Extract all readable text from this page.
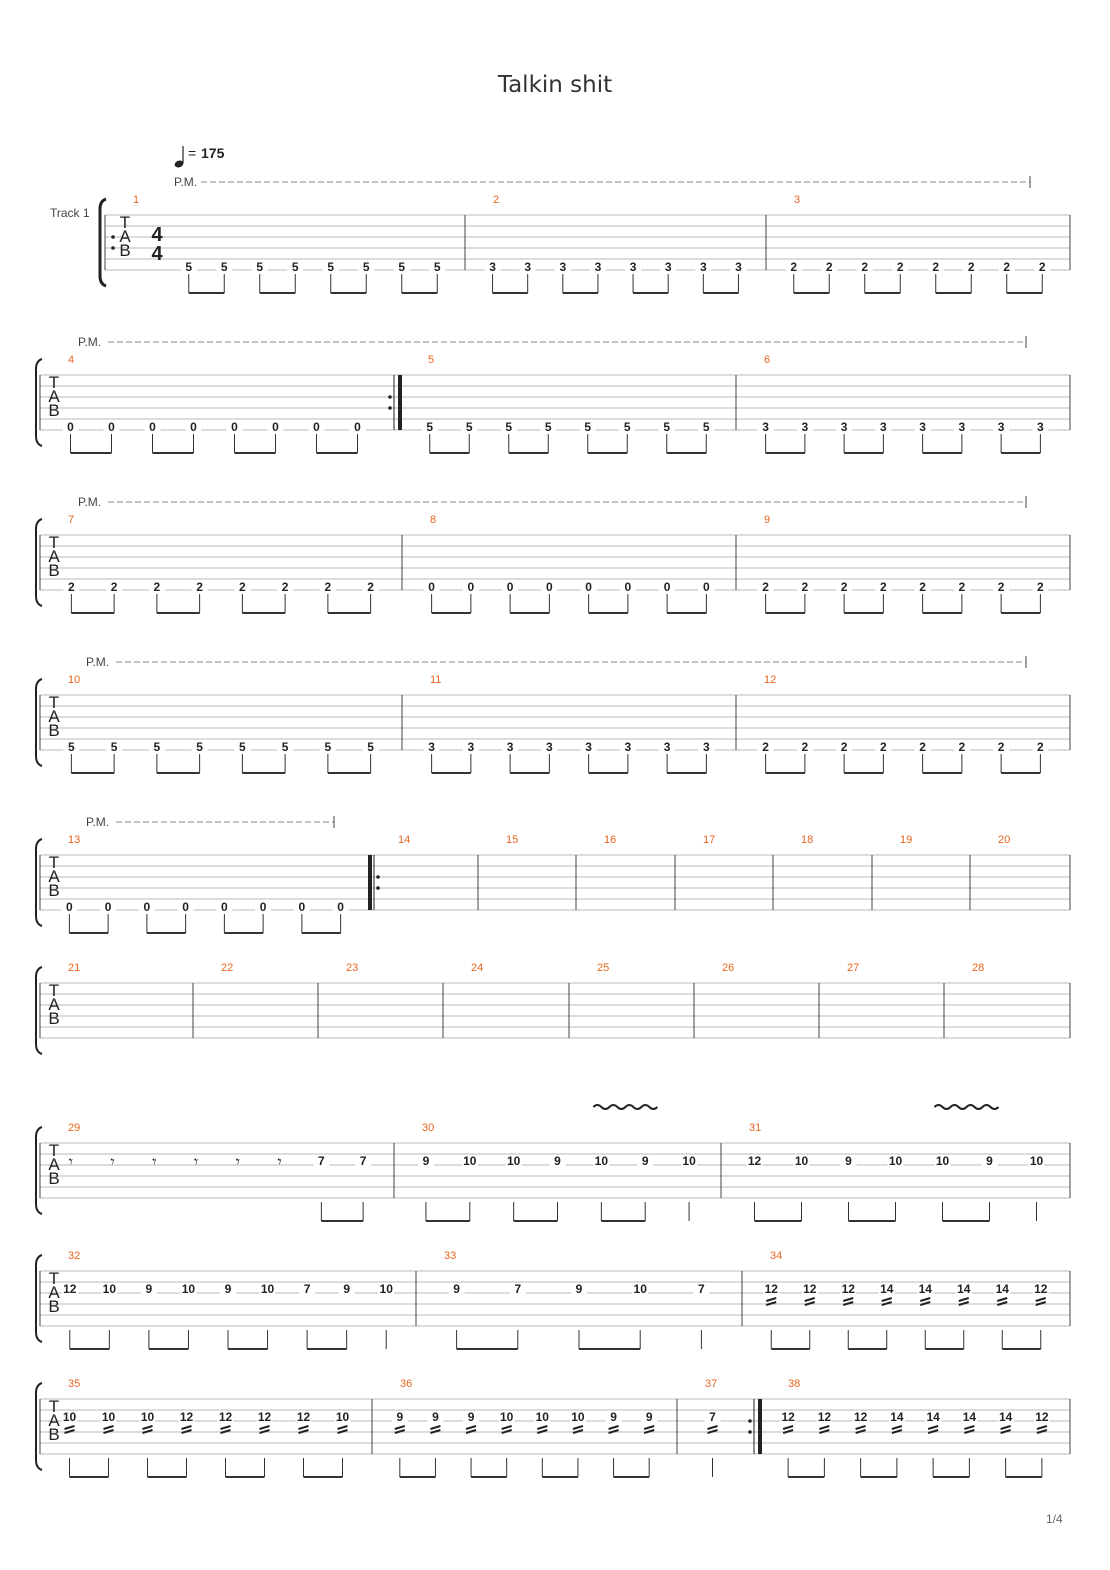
Talkin shit
= 175
Track 1
1/4
T
A
B
P.M.
1
4
4
5 5 5 5 5 5 5 5
2
3 3 3 3 3 3 3 3
3
2 2 2 2 2 2 2 2
T
A
B
P.M.
4
0	0	0	0	0	0	0	0
5
5	5	5	5	5	5	5	5
6
3	3	3	3	3	3	3	3
T
A
B
P.M.
7
2	2	2	2	2	2	2	2
8
0	0	0	0	0	0	0	0
9
2	2	2	2	2	2	2	2
T
A
B
P.M.
10
5	5	5	5	5	5	5	5
11
3	3	3	3	3	3	3	3
12
2	2	2	2	2	2	2	2
T
A
B
P.M.
13
0	0	0	0	0	0	0	0
14	15	16	17	18	19	20
T
A
B
21	22	23	24	25	26	27	28
T
A
B
29
𝄾 𝄾 𝄾 𝄾 𝄾 𝄾	7	7
30
9	10	10	9	10	9	10
31
12	10	9	10	10	9	10
T
A
B
32
12 10 9 10 9 10 7	9 10
33
9	7	9	10	7
34
12 12 12 14 14 14 14 12
T
A
B
35
10 10 10 12 12 12 12 10
36
9 9 9 10 10 10 9 9
37
7
38
12 12 12 14 14 14 14 12
